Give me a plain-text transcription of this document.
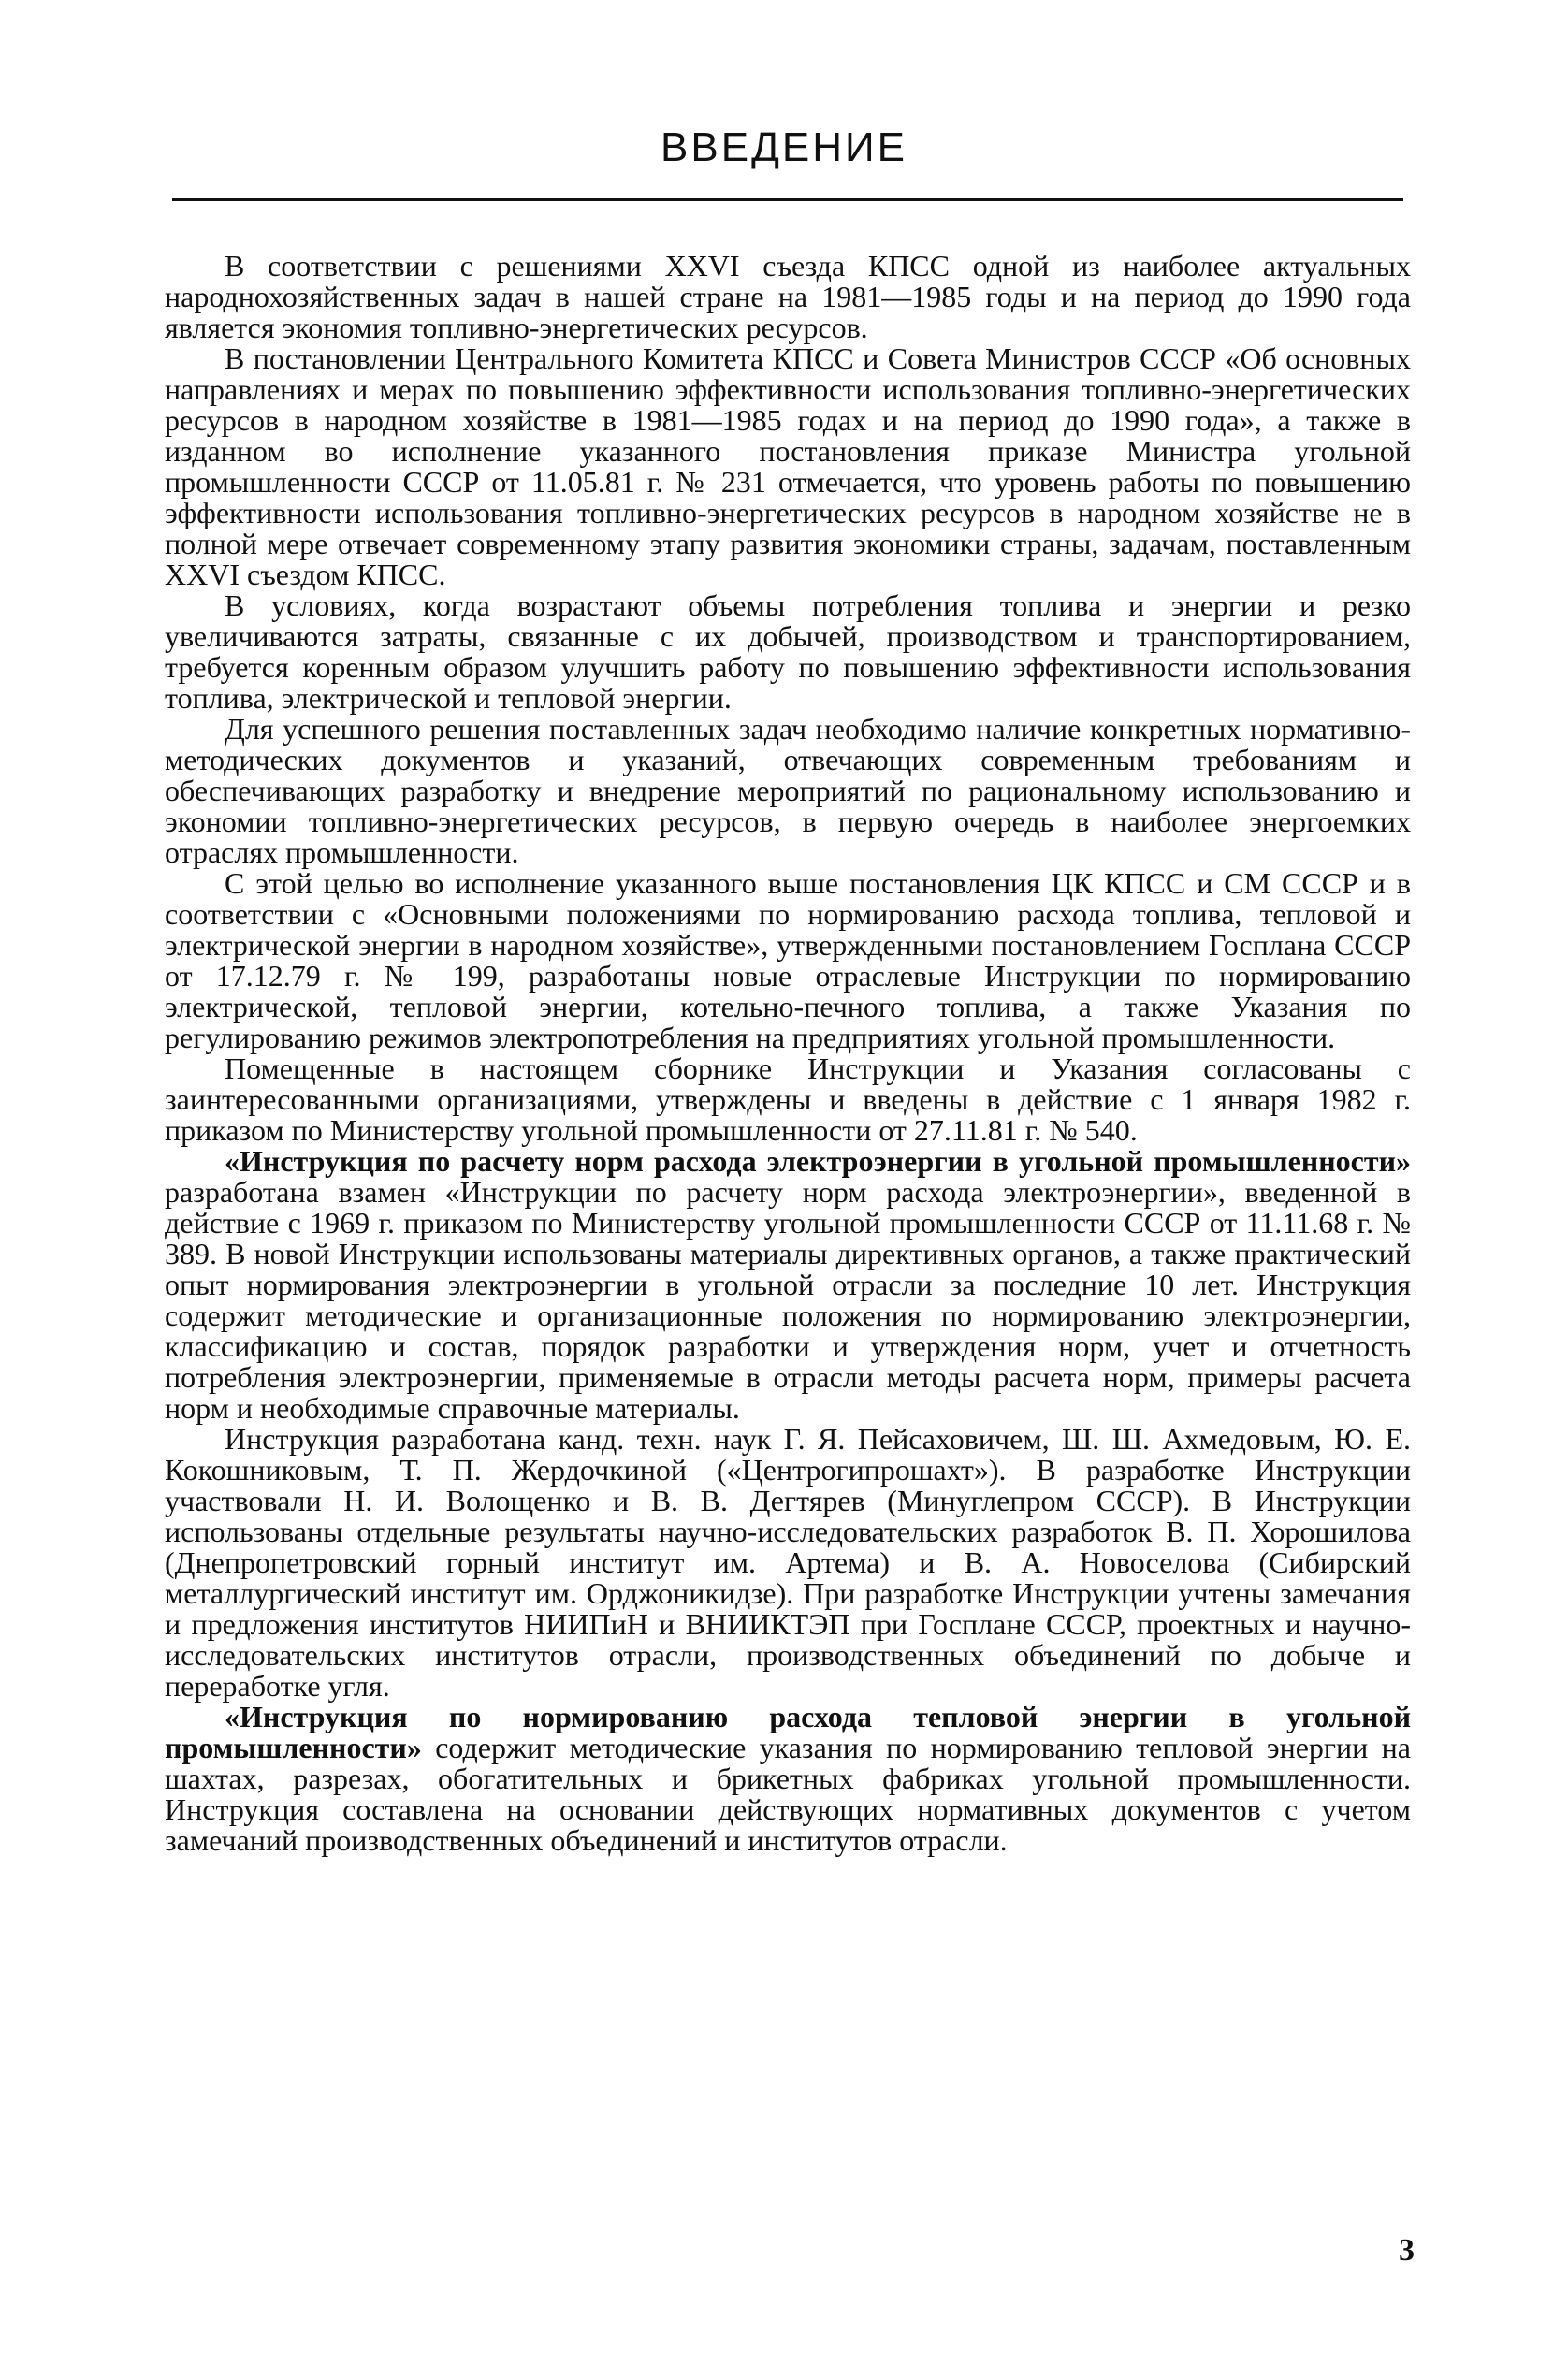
ВВЕДЕНИЕ

В соответствии с решениями XXVI съезда КПСС одной из наиболее актуальных народнохозяйственных задач в нашей стране на 1981—1985 годы и на период до 1990 года является экономия топливно-энергетических ресурсов.

В постановлении Центрального Комитета КПСС и Совета Министров СССР «Об основных направлениях и мерах по повышению эффективности использования топливно-энергетических ресурсов в народном хозяйстве в 1981—1985 годах и на период до 1990 года», а также в изданном во исполнение указанного постановления приказе Министра угольной промышленности СССР от 11.05.81 г. № 231 отмечается, что уровень работы по повышению эффективности использования топливно-энергетических ресурсов в народном хозяйстве не в полной мере отвечает современному этапу развития экономики страны, задачам, поставленным XXVI съездом КПСС.

В условиях, когда возрастают объемы потребления топлива и энергии и резко увеличиваются затраты, связанные с их добычей, производством и транспортированием, требуется коренным образом улучшить работу по повышению эффективности использования топлива, электрической и тепловой энергии.

Для успешного решения поставленных задач необходимо наличие конкретных нормативно-методических документов и указаний, отвечающих современным требованиям и обеспечивающих разработку и внедрение мероприятий по рациональному использованию и экономии топливно-энергетических ресурсов, в первую очередь в наиболее энергоемких отраслях промышленности.

С этой целью во исполнение указанного выше постановления ЦК КПСС и СМ СССР и в соответствии с «Основными положениями по нормированию расхода топлива, тепловой и электрической энергии в народном хозяйстве», утвержденными постановлением Госплана СССР от 17.12.79 г. № 199, разработаны новые отраслевые Инструкции по нормированию электрической, тепловой энергии, котельно-печного топлива, а также Указания по регулированию режимов электропотребления на предприятиях угольной промышленности.

Помещенные в настоящем сборнике Инструкции и Указания согласованы с заинтересованными организациями, утверждены и введены в действие с 1 января 1982 г. приказом по Министерству угольной промышленности от 27.11.81 г. № 540.

«Инструкция по расчету норм расхода электроэнергии в угольной промышленности» разработана взамен «Инструкции по расчету норм расхода электроэнергии», введенной в действие с 1969 г. приказом по Министерству угольной промышленности СССР от 11.11.68 г. № 389. В новой Инструкции использованы материалы директивных органов, а также практический опыт нормирования электроэнергии в угольной отрасли за последние 10 лет. Инструкция содержит методические и организационные положения по нормированию электроэнергии, классификацию и состав, порядок разработки и утверждения норм, учет и отчетность потребления электроэнергии, применяемые в отрасли методы расчета норм, примеры расчета норм и необходимые справочные материалы.

Инструкция разработана канд. техн. наук Г. Я. Пейсаховичем, Ш. Ш. Ахмедовым, Ю. Е. Кокошниковым, Т. П. Жердочкиной («Центрогипрошахт»). В разработке Инструкции участвовали Н. И. Волощенко и В. В. Дегтярев (Минуглепром СССР). В Инструкции использованы отдельные результаты научно-исследовательских разработок В. П. Хорошилова (Днепропетровский горный институт им. Артема) и В. А. Новоселова (Сибирский металлургический институт им. Орджоникидзе). При разработке Инструкции учтены замечания и предложения институтов НИИПиН и ВНИИКТЭП при Госплане СССР, проектных и научно-исследовательских институтов отрасли, производственных объединений по добыче и переработке угля.

«Инструкция по нормированию расхода тепловой энергии в угольной промышленности» содержит методические указания по нормированию тепловой энергии на шахтах, разрезах, обогатительных и брикетных фабриках угольной промышленности. Инструкция составлена на основании действующих нормативных документов с учетом замечаний производственных объединений и институтов отрасли.

3
